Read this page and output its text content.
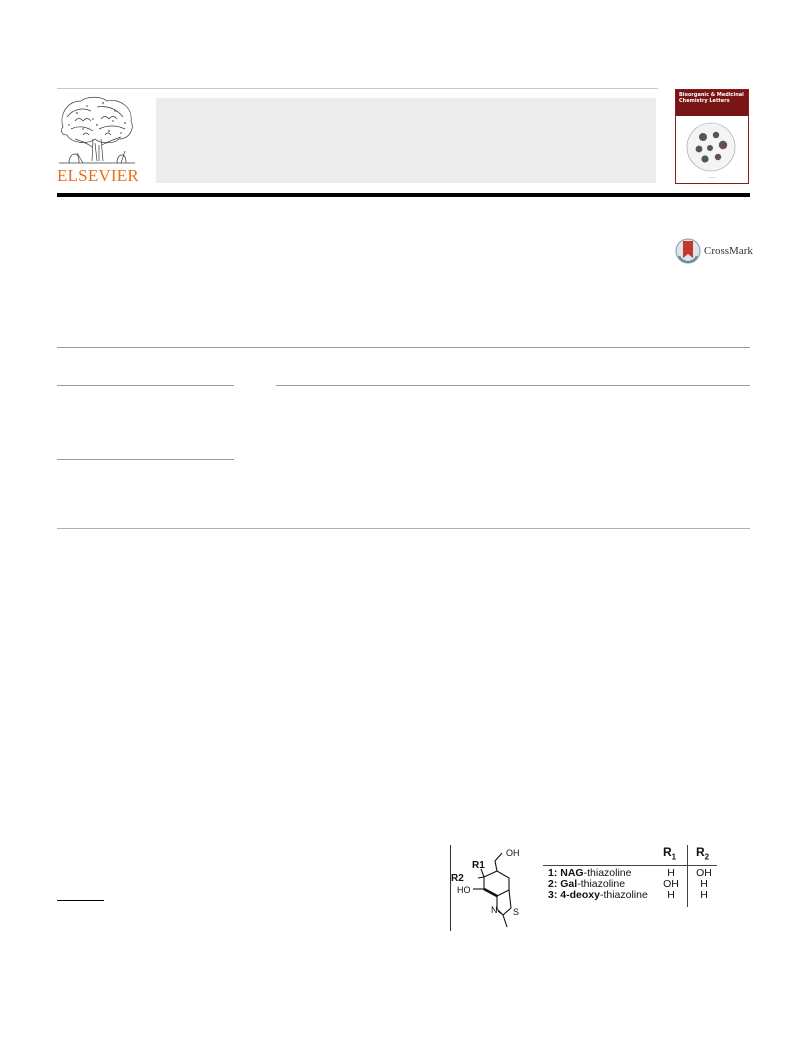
ELSEVIER
Bioorganic & Medicinal Chemistry Letters
———
CrossMark
OH
R1
R2
HO
N S
$R_1$ $R_2$
1: NAG-thiazoline	H	OH
2: Gal-thiazoline	OH	H
3: 4-deoxy-thiazoline	H	H
